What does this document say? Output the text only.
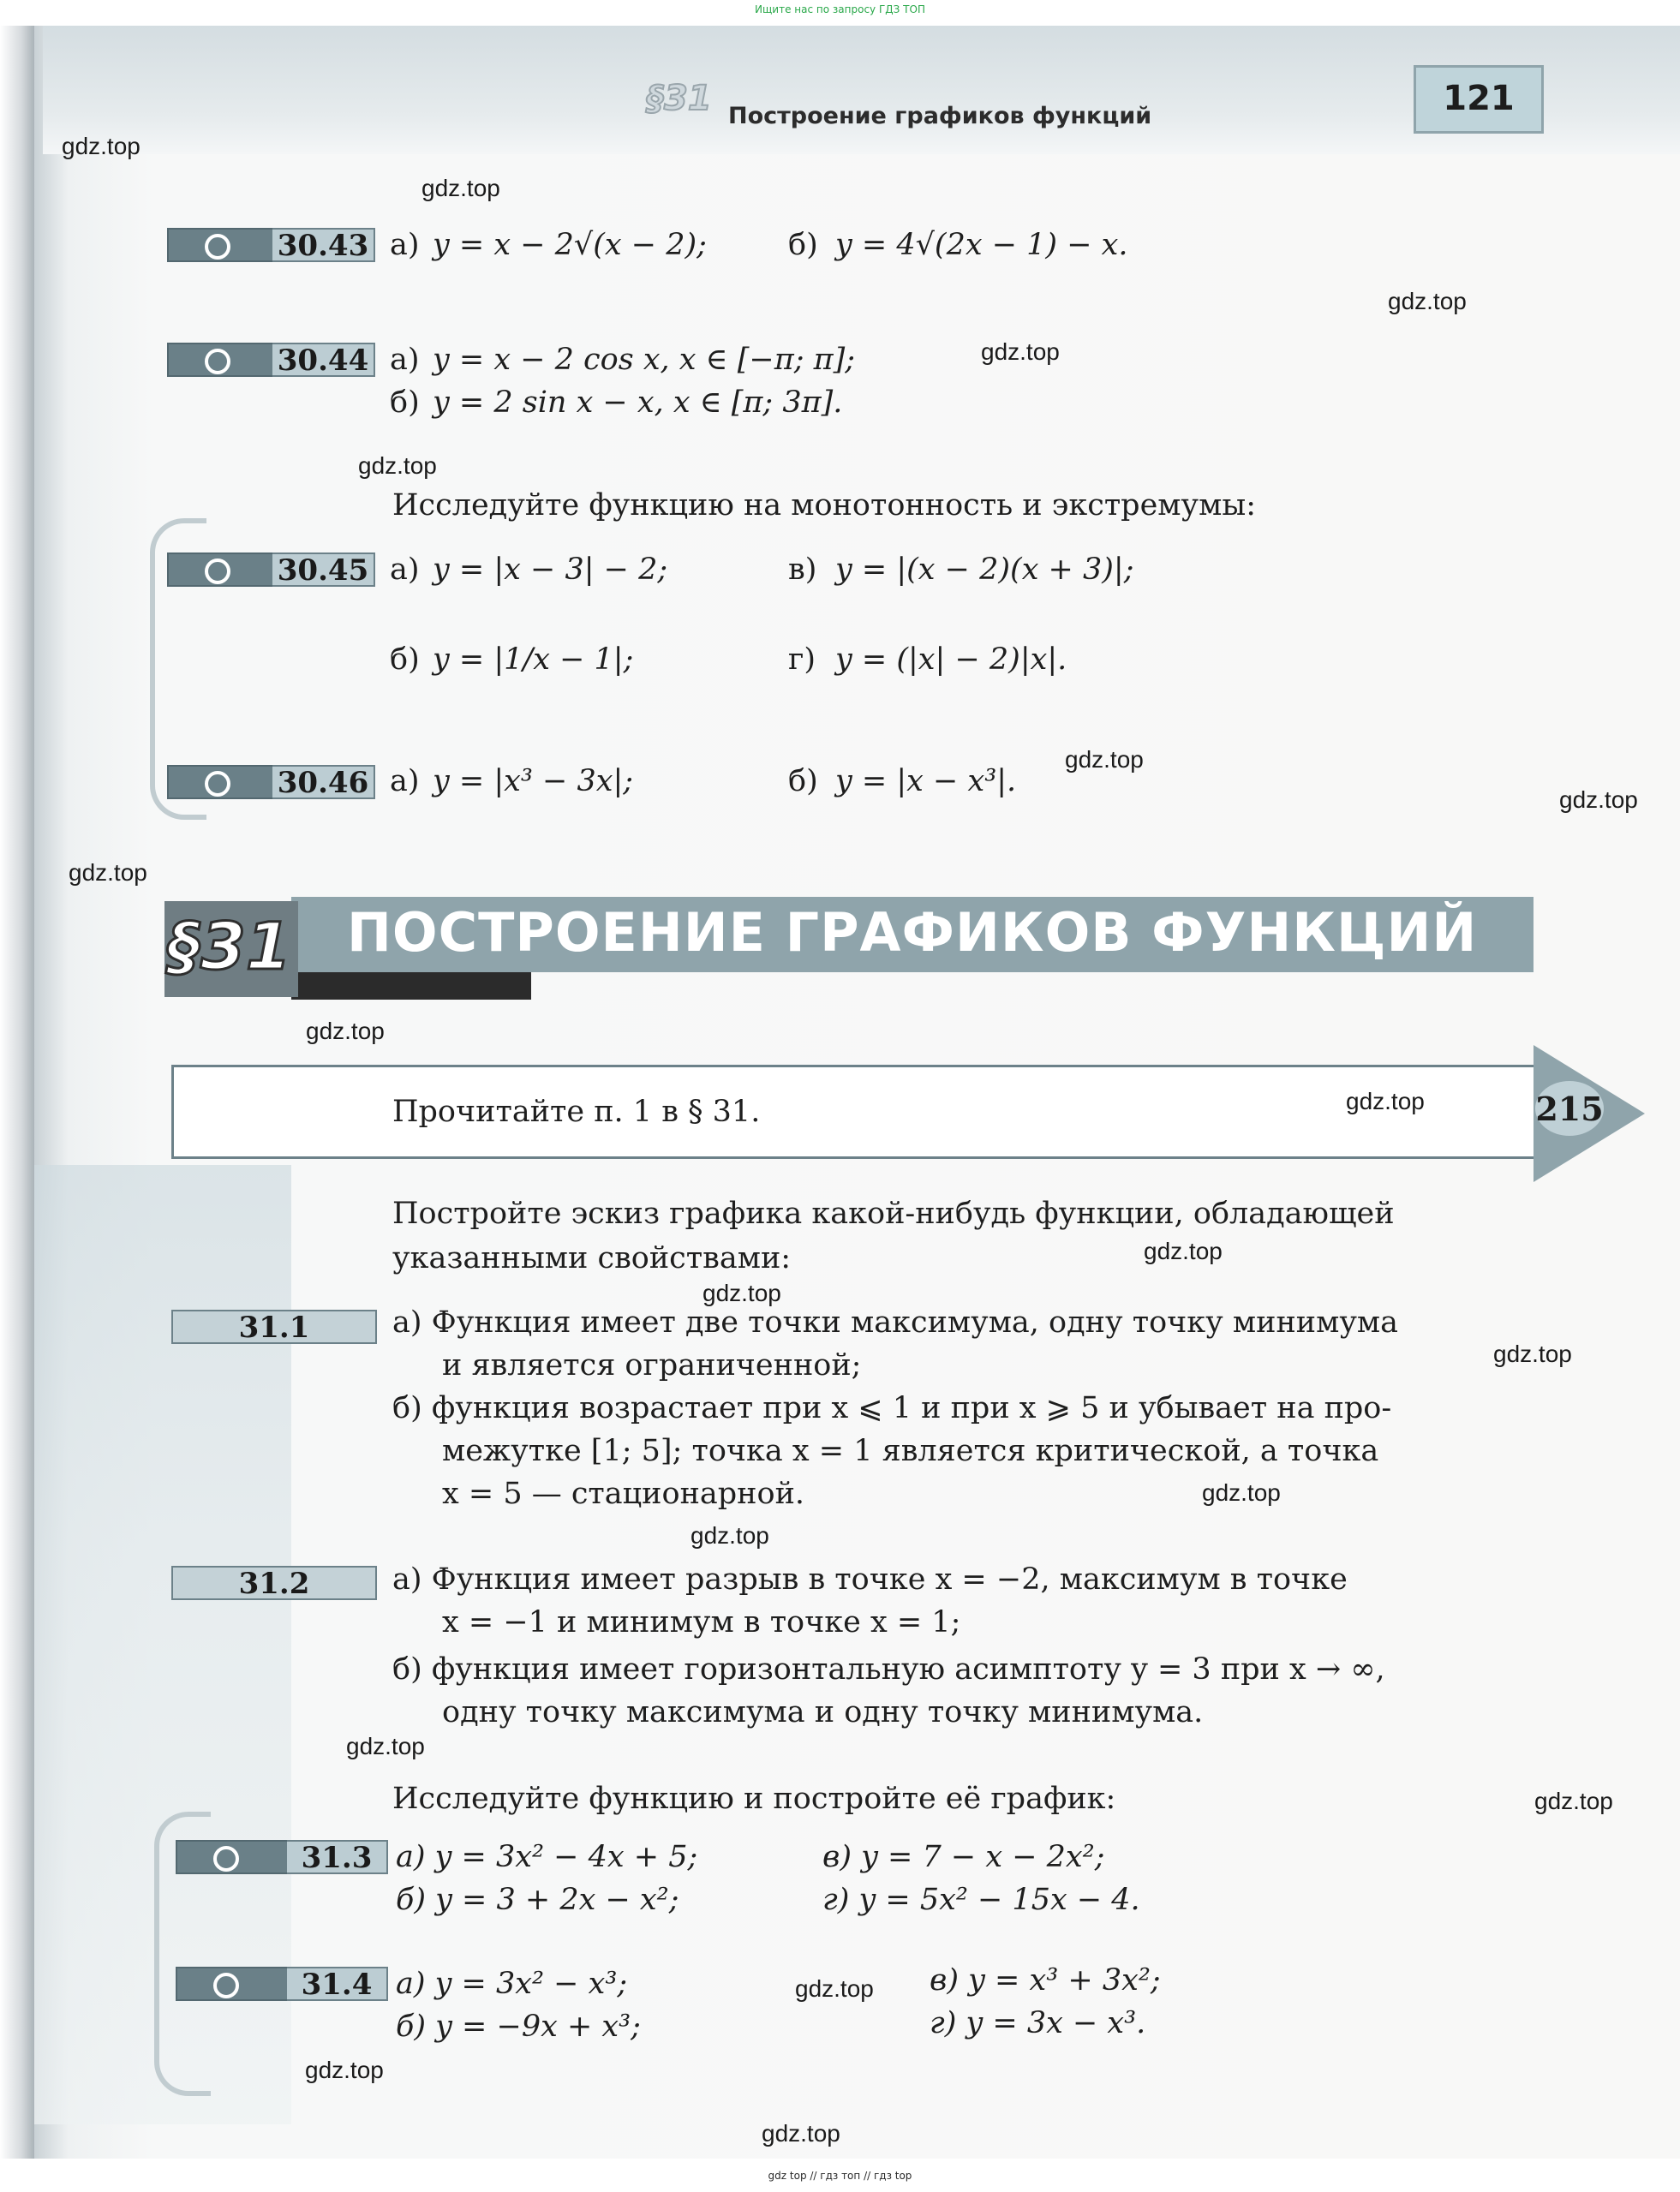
Ищите нас по запросу ГДЗ ТОП
§31 Построение графиков функций	121
30.43 а) y = x − 2√(x − 2);	б) y = 4√(2x − 1) − x.
30.44 а) y = x − 2 cos x, x ∈ [−π; π];
б) y = 2 sin x − x, x ∈ [π; 3π].
Исследуйте функцию на монотонность и экстремумы:
30.45 а) y = |x − 3| − 2;	в) y = |(x − 2)(x + 3)|;
б) y = |1/x − 1|;	г) y = (|x| − 2)|x|.
30.46 а) y = |x³ − 3x|;	б) y = |x − x³|.
§31 ПОСТРОЕНИЕ ГРАФИКОВ ФУНКЦИЙ
Прочитайте п. 1 в § 31.	215
Постройте эскиз графика какой-нибудь функции, обладающей
указанными свойствами:
31.1	а) Функция имеет две точки максимума, одну точку минимума
и является ограниченной;
б) функция возрастает при x ⩽ 1 и при x ⩾ 5 и убывает на про-
межутке [1; 5]; точка x = 1 является критической, а точка
x = 5 — стационарной.
31.2	а) Функция имеет разрыв в точке x = −2, максимум в точке
x = −1 и минимум в точке x = 1;
б) функция имеет горизонтальную асимптоту y = 3 при x → ∞,
одну точку максимума и одну точку минимума.
Исследуйте функцию и постройте её график:
31.3 а) y = 3x² − 4x + 5;	в) y = 7 − x − 2x²;
б) y = 3 + 2x − x²;	г) y = 5x² − 15x − 4.
31.4 а) y = 3x² − x³;	в) y = x³ + 3x²;
б) y = −9x + x³;	г) y = 3x − x³.
gdz.top
gdz.top
gdz.top
gdz.top
gdz.top
gdz.top
gdz.top
gdz.top
gdz.top
gdz.top
gdz.top
gdz.top
gdz.top
gdz.top
gdz.top
gdz.top
gdz.top
gdz.top
gdz.top
gdz.top
gdz top // гдз топ // гдз top
